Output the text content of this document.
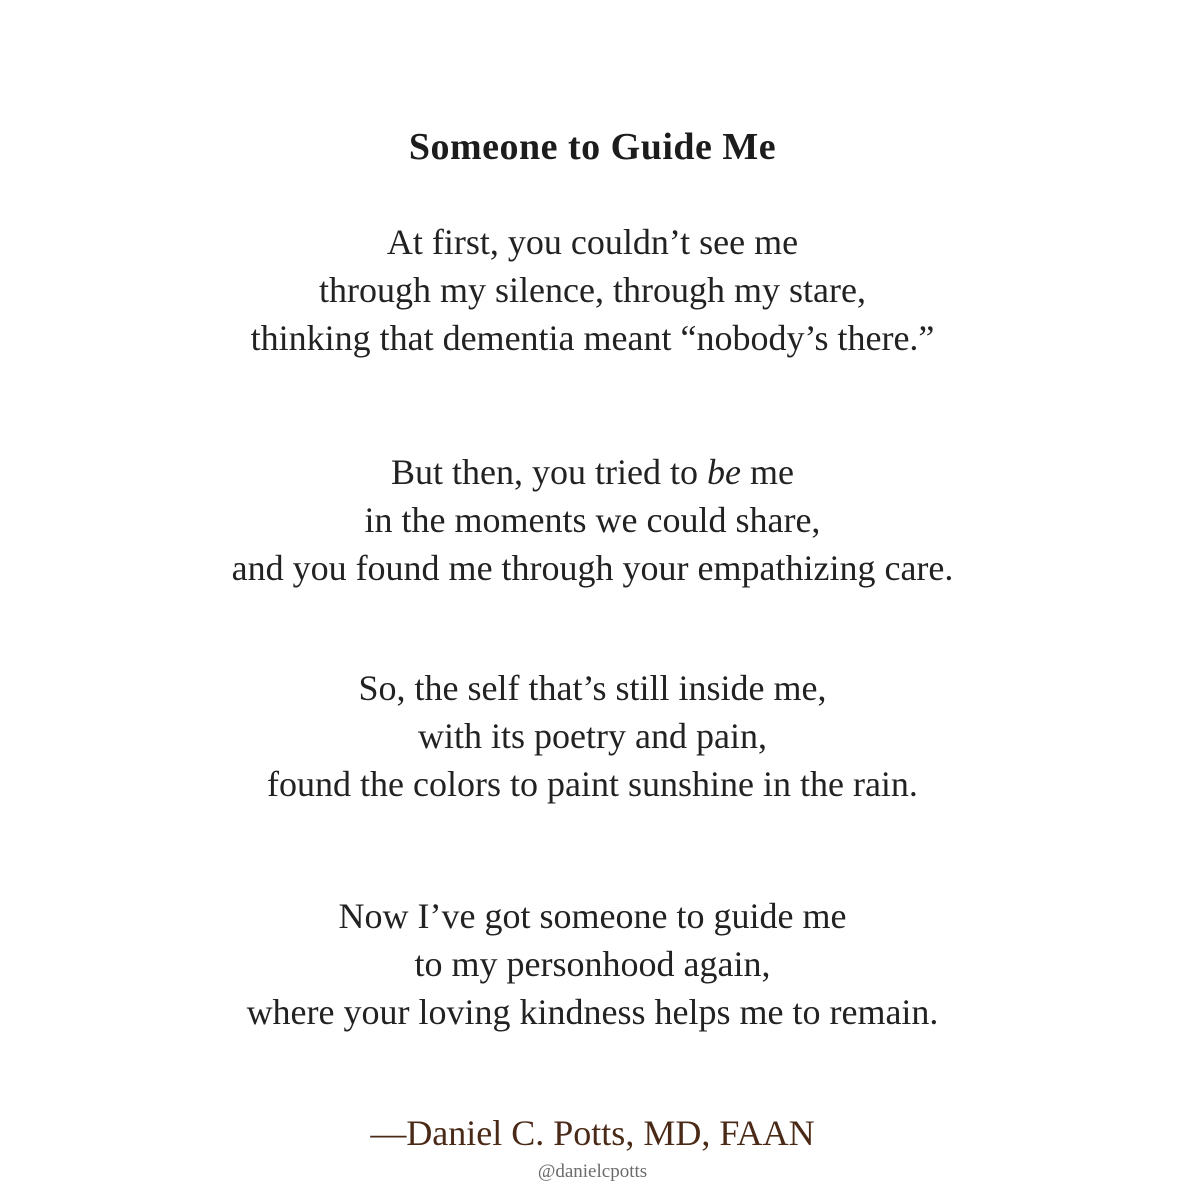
Someone to Guide Me
At first, you couldn’t see me
through my silence, through my stare,
thinking that dementia meant “nobody’s there.”
But then, you tried to be me
in the moments we could share,
and you found me through your empathizing care.
So, the self that’s still inside me,
with its poetry and pain,
found the colors to paint sunshine in the rain.
Now I’ve got someone to guide me
to my personhood again,
where your loving kindness helps me to remain.
—Daniel C. Potts, MD, FAAN
@danielcpotts
